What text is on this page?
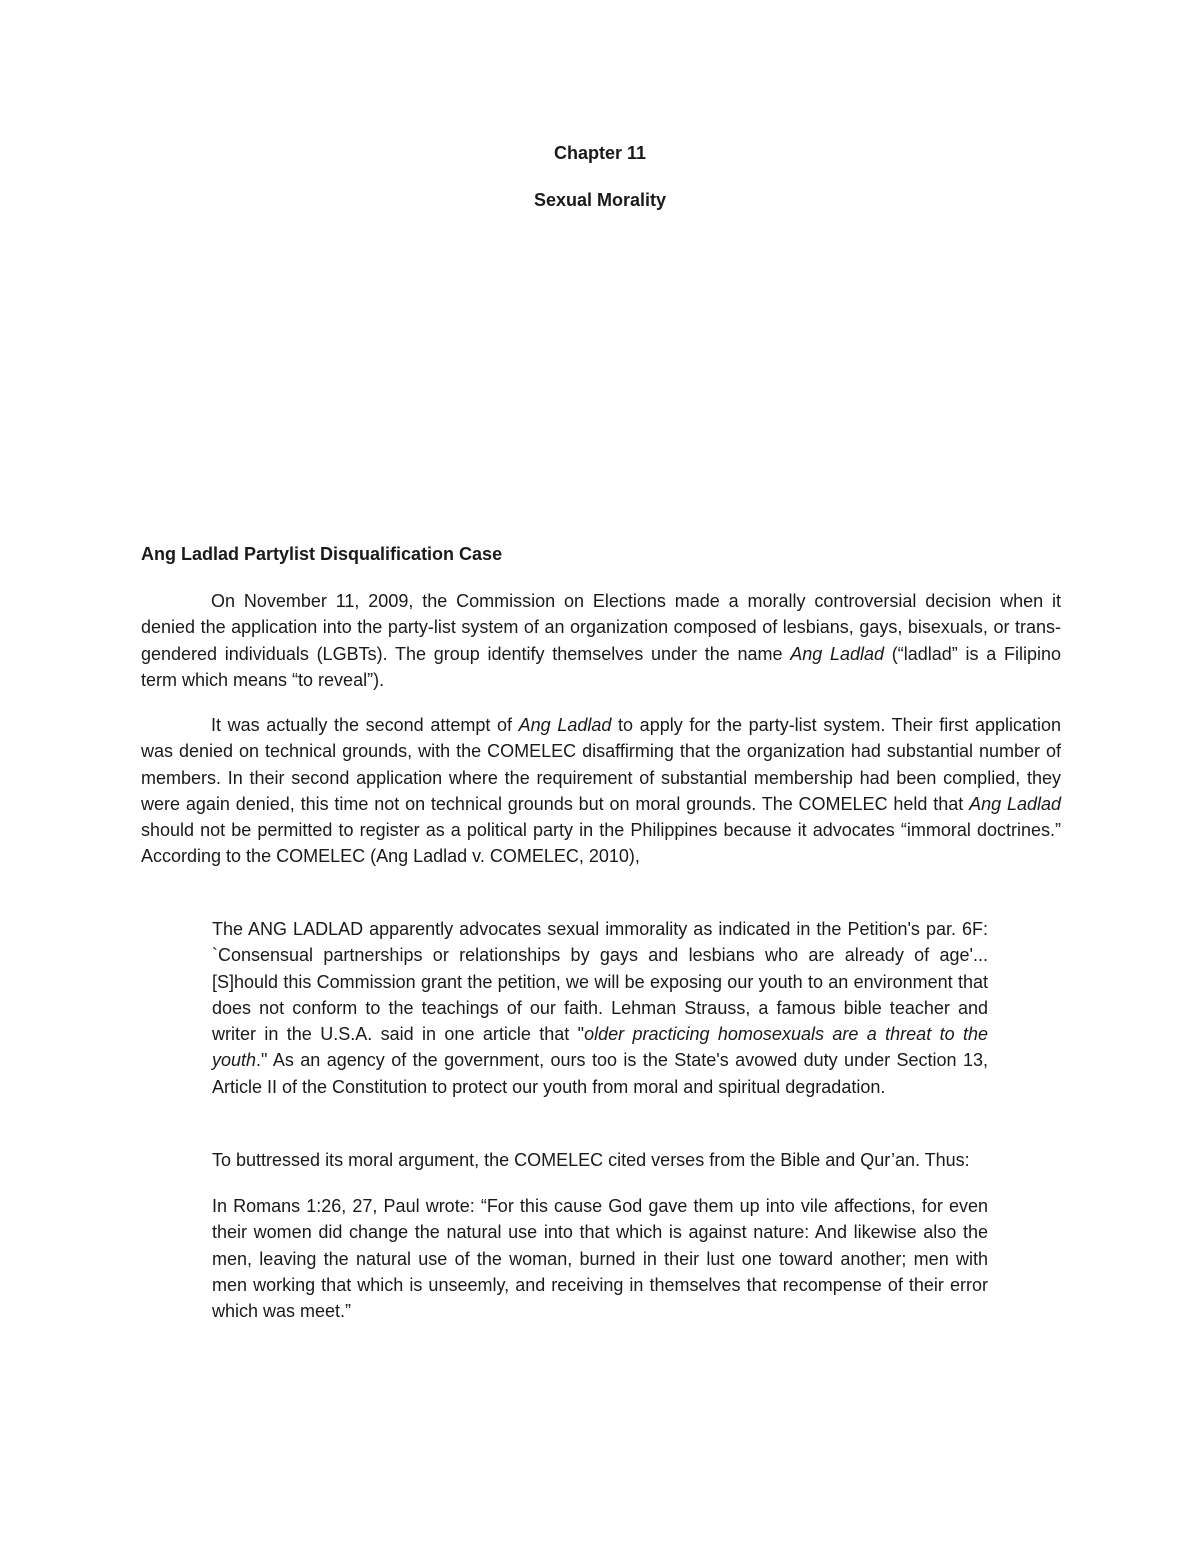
Chapter 11
Sexual Morality
Ang Ladlad Partylist Disqualification Case

On November 11, 2009, the Commission on Elections made a morally controversial decision when it denied the application into the party-list system of an organization composed of lesbians, gays, bisexuals, or trans-gendered individuals (LGBTs). The group identify themselves under the name Ang Ladlad (“ladlad” is a Filipino term which means “to reveal”).

It was actually the second attempt of Ang Ladlad to apply for the party-list system. Their first application was denied on technical grounds, with the COMELEC disaffirming that the organization had substantial number of members. In their second application where the requirement of substantial membership had been complied, they were again denied, this time not on technical grounds but on moral grounds. The COMELEC held that Ang Ladlad should not be permitted to register as a political party in the Philippines because it advocates “immoral doctrines.” According to the COMELEC (Ang Ladlad v. COMELEC, 2010),

The ANG LADLAD apparently advocates sexual immorality as indicated in the Petition's par. 6F: `Consensual partnerships or relationships by gays and lesbians who are already of age'... [S]hould this Commission grant the petition, we will be exposing our youth to an environment that does not conform to the teachings of our faith. Lehman Strauss, a famous bible teacher and writer in the U.S.A. said in one article that "older practicing homosexuals are a threat to the youth." As an agency of the government, ours too is the State's avowed duty under Section 13, Article II of the Constitution to protect our youth from moral and spiritual degradation.

To buttressed its moral argument, the COMELEC cited verses from the Bible and Qur’an. Thus:

In Romans 1:26, 27, Paul wrote: “For this cause God gave them up into vile affections, for even their women did change the natural use into that which is against nature: And likewise also the men, leaving the natural use of the woman, burned in their lust one toward another; men with men working that which is unseemly, and receiving in themselves that recompense of their error which was meet.”
